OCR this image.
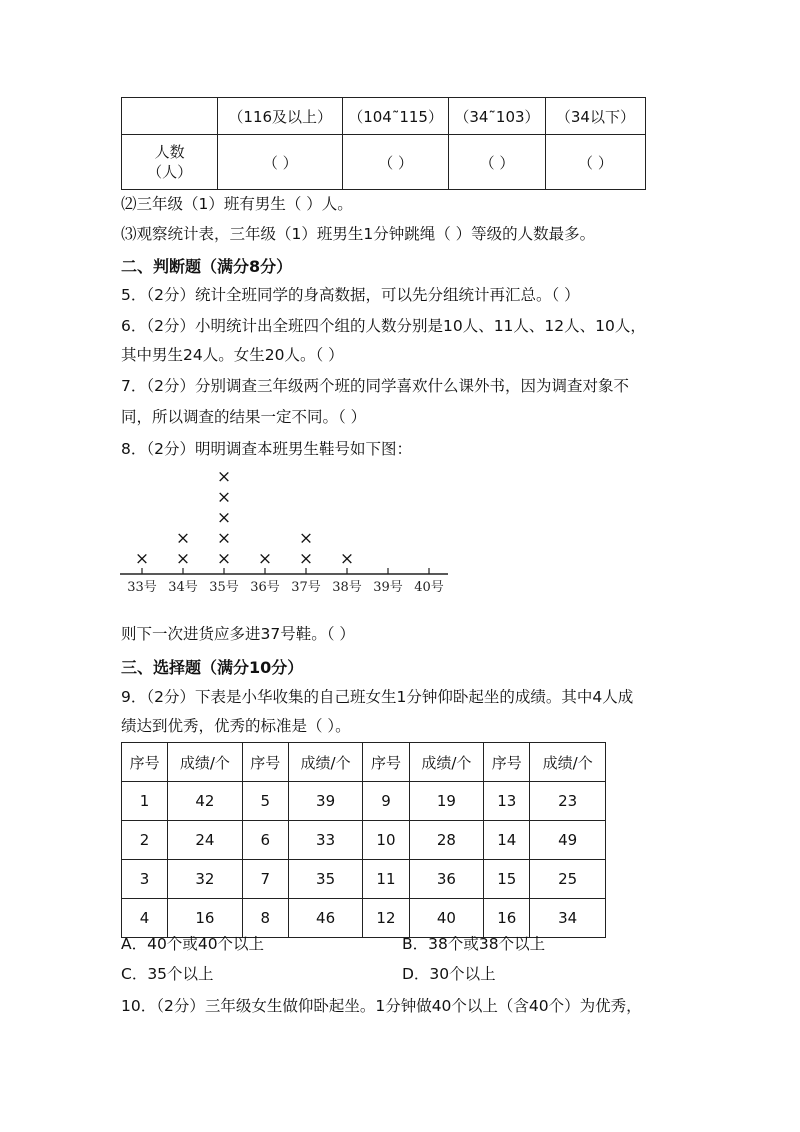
	（116及以上）	（104˜115）	（34˜103）	（34以下）

人数
（人）	（ ）	（ ）	（ ）	（ ）
⑵三年级（1）班有男生（ ）人。
⑶观察统计表，三年级（1）班男生1分钟跳绳（ ）等级的人数最多。
二、判断题（满分8分）
5．（2分）统计全班同学的身高数据，可以先分组统计再汇总。（ ）
6．（2分）小明统计出全班四个组的人数分别是10人、11人、12人、10人，
其中男生24人。女生20人。（ ）
7．（2分）分别调查三年级两个班的同学喜欢什么课外书，因为调查对象不
同，所以调查的结果一定不同。（ ）
8．（2分）明明调查本班男生鞋号如下图：
33号 34号 35号 36号 37号 38号 39号 40号
× ×
×
×
×
×
×
×
× ×
×
×
则下一次进货应多进37号鞋。（ ）
三、选择题（满分10分）
9．（2分）下表是小华收集的自己班女生1分钟仰卧起坐的成绩。其中4人成
绩达到优秀，优秀的标准是（ ）。
序号	成绩/个	序号	成绩/个	序号	成绩/个	序号	成绩/个
1	42	5	39	9	19	13	23
2	24	6	33	10	28	14	49
3	32	7	35	11	36	15	25
4	16	8	46	12	40	16	34
A．40个或40个以上	B．38个或38个以上
C．35个以上	D．30个以上
10．（2分）三年级女生做仰卧起坐。1分钟做40个以上（含40个）为优秀，
